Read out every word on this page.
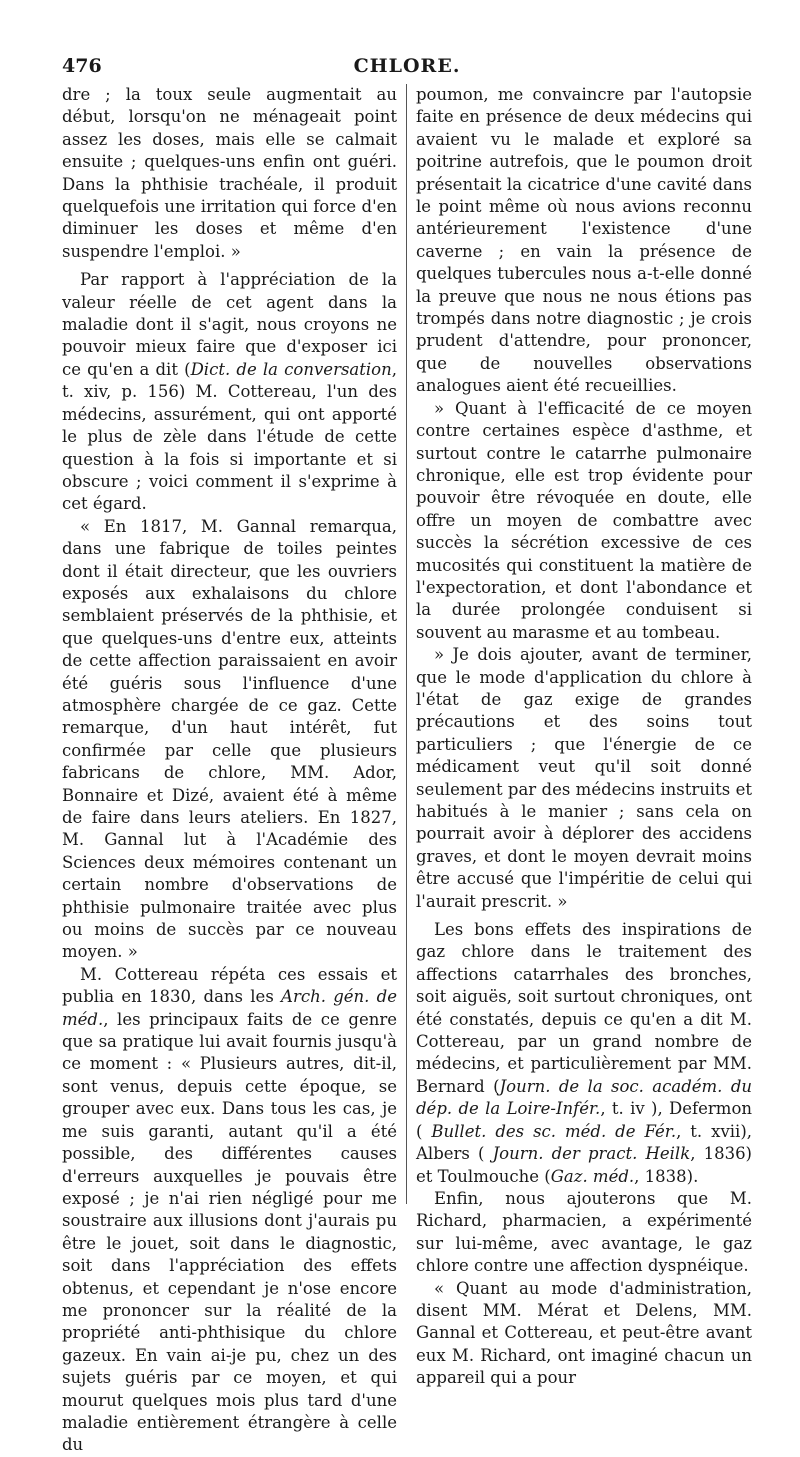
476	CHLORE.

dre ; la toux seule augmentait au début, lorsqu'on ne ménageait point assez les doses, mais elle se calmait ensuite ; quelques-uns enfin ont guéri. Dans la phthisie trachéale, il produit quelquefois une irritation qui force d'en diminuer les doses et même d'en suspendre l'emploi. »

Par rapport à l'appréciation de la valeur réelle de cet agent dans la maladie dont il s'agit, nous croyons ne pouvoir mieux faire que d'exposer ici ce qu'en a dit (Dict. de la conversation, t. xiv, p. 156) M. Cottereau, l'un des médecins, assurément, qui ont apporté le plus de zèle dans l'étude de cette question à la fois si importante et si obscure ; voici comment il s'exprime à cet égard.

« En 1817, M. Gannal remarqua, dans une fabrique de toiles peintes dont il était directeur, que les ouvriers exposés aux exhalaisons du chlore semblaient préservés de la phthisie, et que quelques-uns d'entre eux, atteints de cette affection paraissaient en avoir été guéris sous l'influence d'une atmosphère chargée de ce gaz. Cette remarque, d'un haut intérêt, fut confirmée par celle que plusieurs fabricans de chlore, MM. Ador, Bonnaire et Dizé, avaient été à même de faire dans leurs ateliers. En 1827, M. Gannal lut à l'Académie des Sciences deux mémoires contenant un certain nombre d'observations de phthisie pulmonaire traitée avec plus ou moins de succès par ce nouveau moyen. »

M. Cottereau répéta ces essais et publia en 1830, dans les Arch. gén. de méd., les principaux faits de ce genre que sa pratique lui avait fournis jusqu'à ce moment : « Plusieurs autres, dit-il, sont venus, depuis cette époque, se grouper avec eux. Dans tous les cas, je me suis garanti, autant qu'il a été possible, des différentes causes d'erreurs auxquelles je pouvais être exposé ; je n'ai rien négligé pour me soustraire aux illusions dont j'aurais pu être le jouet, soit dans le diagnostic, soit dans l'appréciation des effets obtenus, et cependant je n'ose encore me prononcer sur la réalité de la propriété anti-phthisique du chlore gazeux. En vain ai-je pu, chez un des sujets guéris par ce moyen, et qui mourut quelques mois plus tard d'une maladie entièrement étrangère à celle du

poumon, me convaincre par l'autopsie faite en présence de deux médecins qui avaient vu le malade et exploré sa poitrine autrefois, que le poumon droit présentait la cicatrice d'une cavité dans le point même où nous avions reconnu antérieurement l'existence d'une caverne ; en vain la présence de quelques tubercules nous a-t-elle donné la preuve que nous ne nous étions pas trompés dans notre diagnostic ; je crois prudent d'attendre, pour prononcer, que de nouvelles observations analogues aient été recueillies.

» Quant à l'efficacité de ce moyen contre certaines espèce d'asthme, et surtout contre le catarrhe pulmonaire chronique, elle est trop évidente pour pouvoir être révoquée en doute, elle offre un moyen de combattre avec succès la sécrétion excessive de ces mucosités qui constituent la matière de l'expectoration, et dont l'abondance et la durée prolongée conduisent si souvent au marasme et au tombeau.

» Je dois ajouter, avant de terminer, que le mode d'application du chlore à l'état de gaz exige de grandes précautions et des soins tout particuliers ; que l'énergie de ce médicament veut qu'il soit donné seulement par des médecins instruits et habitués à le manier ; sans cela on pourrait avoir à déplorer des accidens graves, et dont le moyen devrait moins être accusé que l'impéritie de celui qui l'aurait prescrit. »

Les bons effets des inspirations de gaz chlore dans le traitement des affections catarrhales des bronches, soit aiguës, soit surtout chroniques, ont été constatés, depuis ce qu'en a dit M. Cottereau, par un grand nombre de médecins, et particulièrement par MM. Bernard (Journ. de la soc. académ. du dép. de la Loire-Infér., t. iv ), Defermon ( Bullet. des sc. méd. de Fér., t. xvii), Albers ( Journ. der pract. Heilk, 1836) et Toulmouche (Gaz. méd., 1838).

Enfin, nous ajouterons que M. Richard, pharmacien, a expérimenté sur lui-même, avec avantage, le gaz chlore contre une affection dyspnéique.

« Quant au mode d'administration, disent MM. Mérat et Delens, MM. Gannal et Cottereau, et peut-être avant eux M. Richard, ont imaginé chacun un appareil qui a pour
